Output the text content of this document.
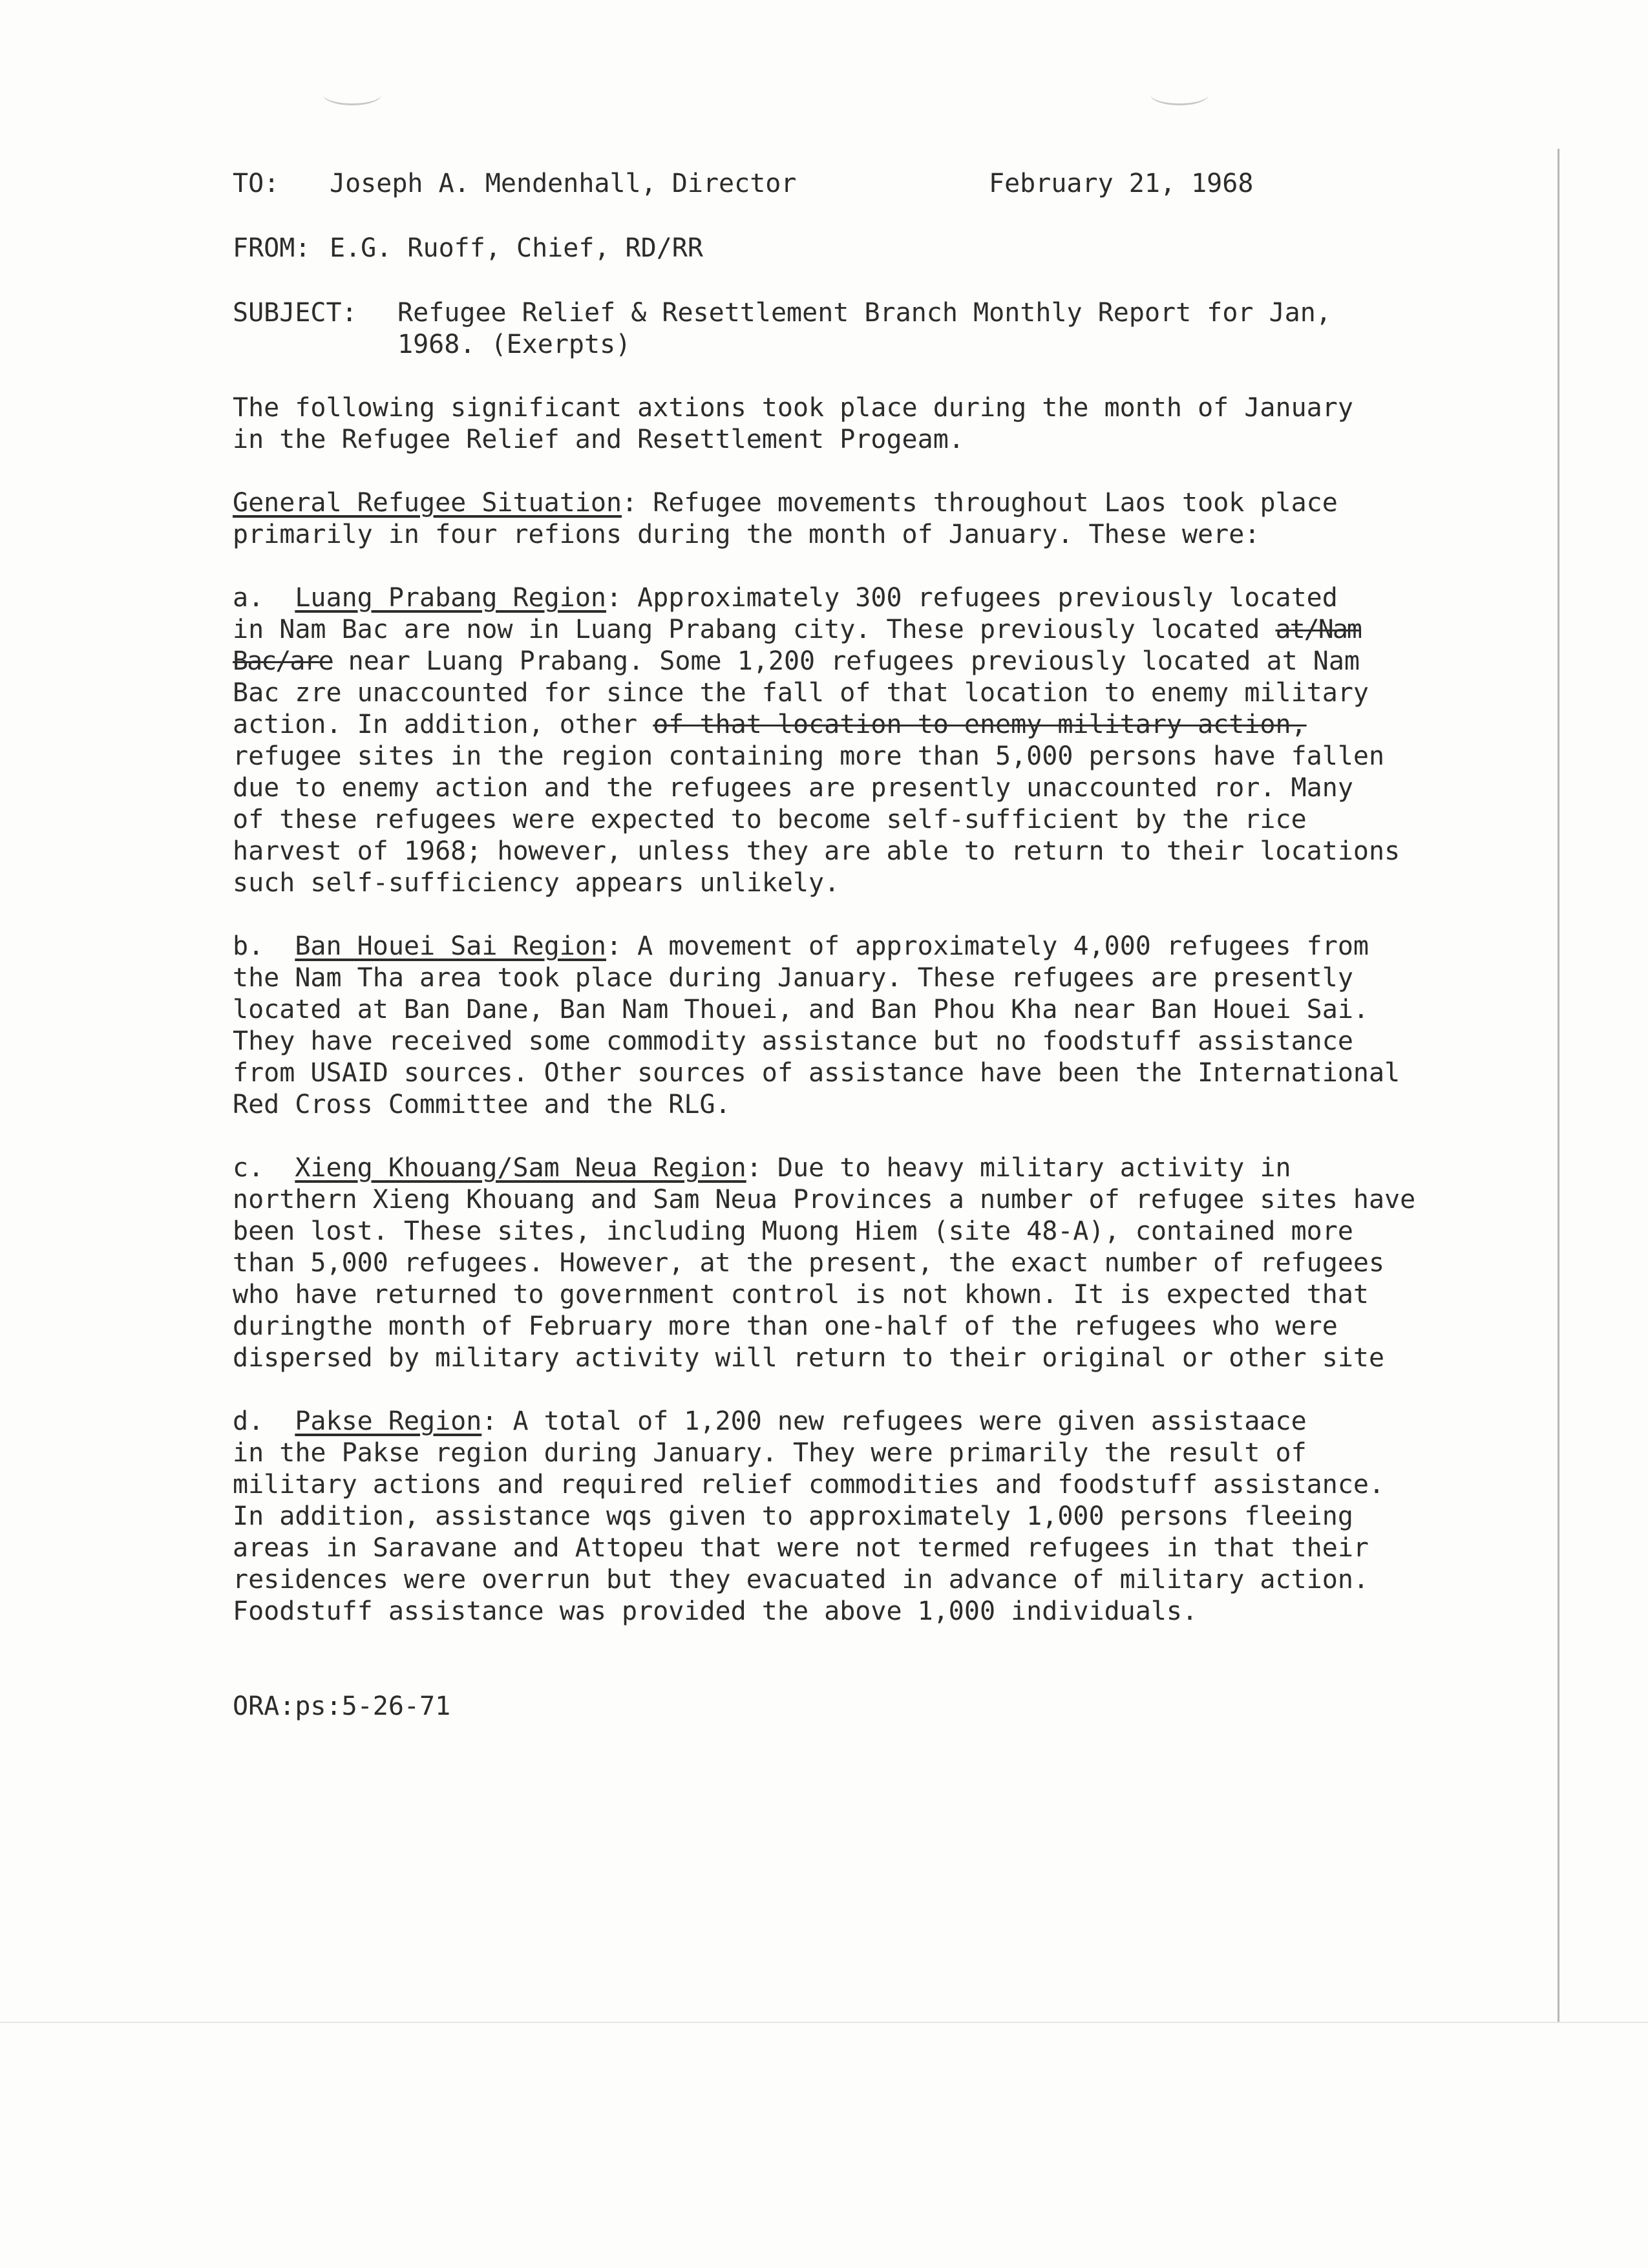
TO: Joseph A. Mendenhall, Director	February 21, 1968
FROM: E.G. Ruoff, Chief, RD/RR
SUBJECT:	Refugee Relief & Resettlement Branch Monthly Report for Jan,
1968. (Exerpts)

The following significant axtions took place during the month of January
in the Refugee Relief and Resettlement Progeam.

General Refugee Situation: Refugee movements throughout Laos took place
primarily in four refions during the month of January. These were:

a. Luang Prabang Region: Approximately 300 refugees previously located
in Nam Bac are now in Luang Prabang city. These previously located at/Nam
Bac/are near Luang Prabang. Some 1,200 refugees previously located at Nam
Bac zre unaccounted for since the fall of that location to enemy military
action. In addition, other of that location to enemy military action,
refugee sites in the region containing more than 5,000 persons have fallen
due to enemy action and the refugees are presently unaccounted ror. Many
of these refugees were expected to become self-sufficient by the rice
harvest of 1968; however, unless they are able to return to their locations
such self-sufficiency appears unlikely.

b. Ban Houei Sai Region: A movement of approximately 4,000 refugees from
the Nam Tha area took place during January. These refugees are presently
located at Ban Dane, Ban Nam Thouei, and Ban Phou Kha near Ban Houei Sai.
They have received some commodity assistance but no foodstuff assistance
from USAID sources. Other sources of assistance have been the International
Red Cross Committee and the RLG.

c. Xieng Khouang/Sam Neua Region: Due to heavy military activity in
northern Xieng Khouang and Sam Neua Provinces a number of refugee sites have
been lost. These sites, including Muong Hiem (site 48-A), contained more
than 5,000 refugees. However, at the present, the exact number of refugees
who have returned to government control is not khown. It is expected that
duringthe month of February more than one-half of the refugees who were
dispersed by military activity will return to their original or other site

d. Pakse Region: A total of 1,200 new refugees were given assistaace
in the Pakse region during January. They were primarily the result of
military actions and required relief commodities and foodstuff assistance.
In addition, assistance wqs given to approximately 1,000 persons fleeing
areas in Saravane and Attopeu that were not termed refugees in that their
residences were overrun but they evacuated in advance of military action.
Foodstuff assistance was provided the above 1,000 individuals.

ORA:ps:5-26-71
